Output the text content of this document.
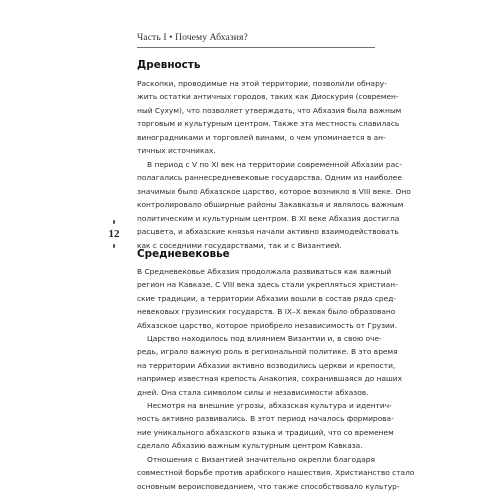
Часть I • Почему Абхазия?
12
Древность
Раскопки, проводимые на этой территории, позволили обнару-
жить остатки античных городов, таких как Диоскурия (современ-
ный Сухум), что позволяет утверждать, что Абхазия была важным
торговым и культурным центром. Также эта местность славилась
виноградниками и торговлей винами, о чем упоминается в ан-
тичных источниках.
В период с V по XI век на территории современной Абхазии рас-
полагались раннесредневековые государства. Одним из наиболее
значимых было Абхазское царство, которое возникло в VIII веке. Оно
контролировало обширные районы Закавказья и являлось важным
политическим и культурным центром. В XI веке Абхазия достигла
расцвета, и абхазские князья начали активно взаимодействовать
как с соседними государствами, так и с Византией.
Средневековье
В Средневековье Абхазия продолжала развиваться как важный
регион на Кавказе. С VIII века здесь стали укрепляться христиан-
ские традиции, а территории Абхазии вошли в состав ряда сред-
невековых грузинских государств. В IX–X веках было образовано
Абхазское царство, которое приобрело независимость от Грузии.
Царство находилось под влиянием Византии и, в свою оче-
редь, играло важную роль в региональной политике. В это время
на территории Абхазии активно возводились церкви и крепости,
например известная крепость Анакопия, сохранившаяся до наших
дней. Она стала символом силы и независимости абхазов.
Несмотря на внешние угрозы, абхазская культура и идентич-
ность активно развивались. В этот период началось формирова-
ние уникального абхазского языка и традиций, что со временем
сделало Абхазию важным культурным центром Кавказа.
Отношения с Византией значительно окрепли благодаря
совместной борьбе против арабского нашествия. Христианство стало
основным вероисповеданием, что также способствовало культур-
